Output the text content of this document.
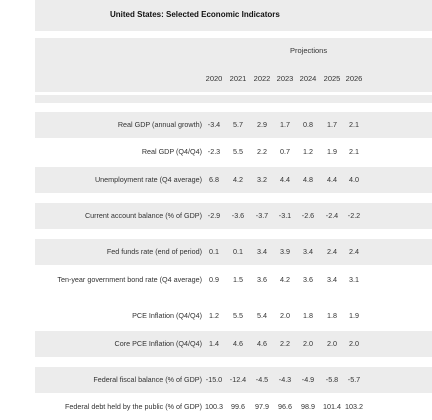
United States: Selected Economic Indicators
Projections
2020 2021 2022 2023 2024 2025 2026
Real GDP (annual growth) -3.4 5.7 2.9 1.7 0.8 1.7 2.1
Real GDP (Q4/Q4) -2.3 5.5 2.2 0.7 1.2 1.9 2.1
Unemployment rate (Q4 average) 6.8 4.2 3.2 4.4 4.8 4.4 4.0
Current account balance (% of GDP) -2.9 -3.6 -3.7 -3.1 -2.6 -2.4 -2.2
Fed funds rate (end of period) 0.1 0.1 3.4 3.9 3.4 2.4 2.4
Ten-year government bond rate (Q4 average) 0.9 1.5 3.6 4.2 3.6 3.4 3.1
PCE Inflation (Q4/Q4) 1.2 5.5 5.4 2.0 1.8 1.8 1.9
Core PCE Inflation (Q4/Q4) 1.4 4.6 4.6 2.2 2.0 2.0 2.0
Federal fiscal balance (% of GDP) -15.0 -12.4 -4.5 -4.3 -4.9 -5.8 -5.7
Federal debt held by the public (% of GDP) 100.3 99.6 97.9 96.6 98.9 101.4 103.2
